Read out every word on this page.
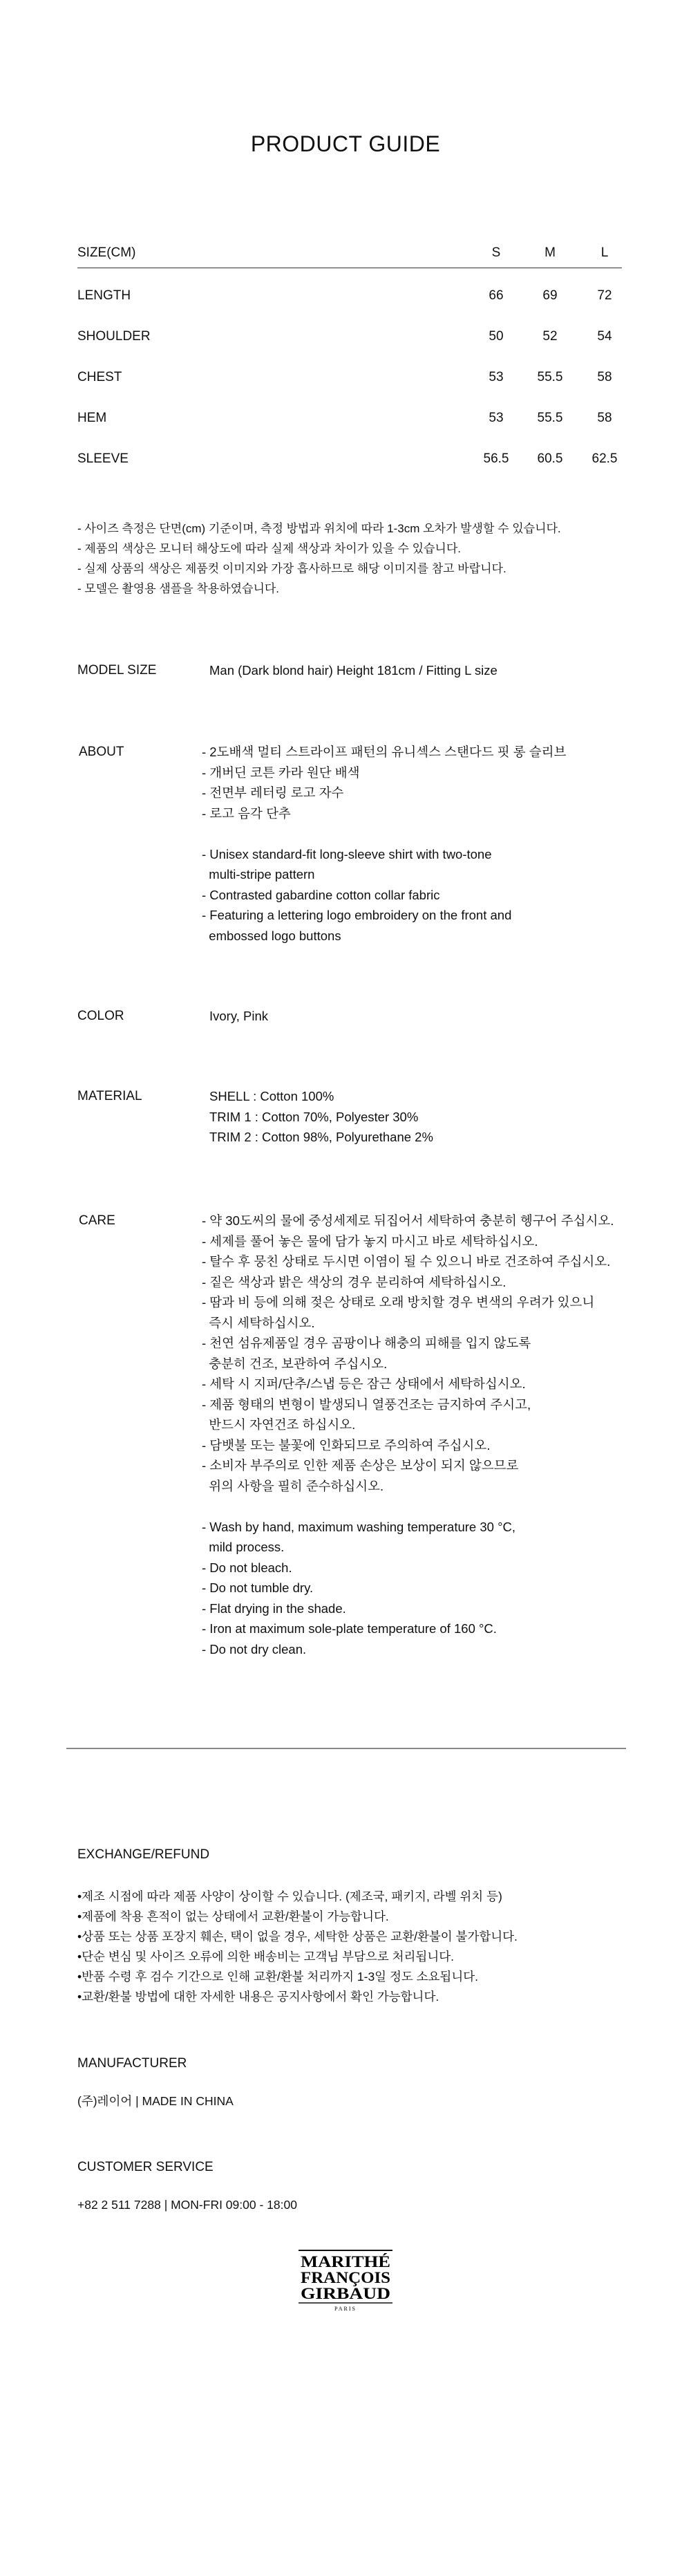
PRODUCT GUIDE
SIZE(CM)	S	M	L
LENGTH	66	69	72
SHOULDER	50	52	54
CHEST	53	55.5	58
HEM	53	55.5	58
SLEEVE	56.5	60.5	62.5
- 사이즈 측정은 단면(cm) 기준이며, 측정 방법과 위치에 따라 1-3cm 오차가 발생할 수 있습니다.
- 제품의 색상은 모니터 해상도에 따라 실제 색상과 차이가 있을 수 있습니다.
- 실제 상품의 색상은 제품컷 이미지와 가장 흡사하므로 해당 이미지를 참고 바랍니다.
- 모델은 촬영용 샘플을 착용하였습니다.
MODEL SIZE	Man (Dark blond hair) Height 181cm / Fitting L size
ABOUT	- 2도배색 멀티 스트라이프 패턴의 유니섹스 스탠다드 핏 롱 슬리브
- 개버딘 코튼 카라 원단 배색
- 전면부 레터링 로고 자수
- 로고 음각 단추
- Unisex standard-fit long-sleeve shirt with two-tone
multi-stripe pattern
- Contrasted gabardine cotton collar fabric
- Featuring a lettering logo embroidery on the front and
embossed logo buttons
COLOR	Ivory, Pink
MATERIAL	SHELL : Cotton 100%
TRIM 1 : Cotton 70%, Polyester 30%
TRIM 2 : Cotton 98%, Polyurethane 2%
CARE	- 약 30도씨의 물에 중성세제로 뒤집어서 세탁하여 충분히 헹구어 주십시오.
- 세제를 풀어 놓은 물에 담가 놓지 마시고 바로 세탁하십시오.
- 탈수 후 뭉친 상태로 두시면 이염이 될 수 있으니 바로 건조하여 주십시오.
- 짙은 색상과 밝은 색상의 경우 분리하여 세탁하십시오.
- 땀과 비 등에 의해 젖은 상태로 오래 방치할 경우 변색의 우려가 있으니
즉시 세탁하십시오.
- 천연 섬유제품일 경우 곰팡이나 해충의 피해를 입지 않도록
충분히 건조, 보관하여 주십시오.
- 세탁 시 지퍼/단추/스냅 등은 잠근 상태에서 세탁하십시오.
- 제품 형태의 변형이 발생되니 열풍건조는 금지하여 주시고,
반드시 자연건조 하십시오.
- 담뱃불 또는 불꽃에 인화되므로 주의하여 주십시오.
- 소비자 부주의로 인한 제품 손상은 보상이 되지 않으므로
위의 사항을 필히 준수하십시오.
- Wash by hand, maximum washing temperature 30 °C,
mild process.
- Do not bleach.
- Do not tumble dry.
- Flat drying in the shade.
- Iron at maximum sole-plate temperature of 160 °C.
- Do not dry clean.
EXCHANGE/REFUND
•제조 시점에 따라 제품 사양이 상이할 수 있습니다. (제조국, 패키지, 라벨 위치 등)
•제품에 착용 흔적이 없는 상태에서 교환/환불이 가능합니다.
•상품 또는 상품 포장지 훼손, 택이 없을 경우, 세탁한 상품은 교환/환불이 불가합니다.
•단순 변심 및 사이즈 오류에 의한 배송비는 고객님 부담으로 처리됩니다.
•반품 수령 후 검수 기간으로 인해 교환/환불 처리까지 1-3일 정도 소요됩니다.
•교환/환불 방법에 대한 자세한 내용은 공지사항에서 확인 가능합니다.
MANUFACTURER
(주)레이어 | MADE IN CHINA
CUSTOMER SERVICE
+82 2 511 7288 | MON-FRI 09:00 - 18:00
MARITHÉ
FRANÇOIS
GIRBAUD
PARIS
